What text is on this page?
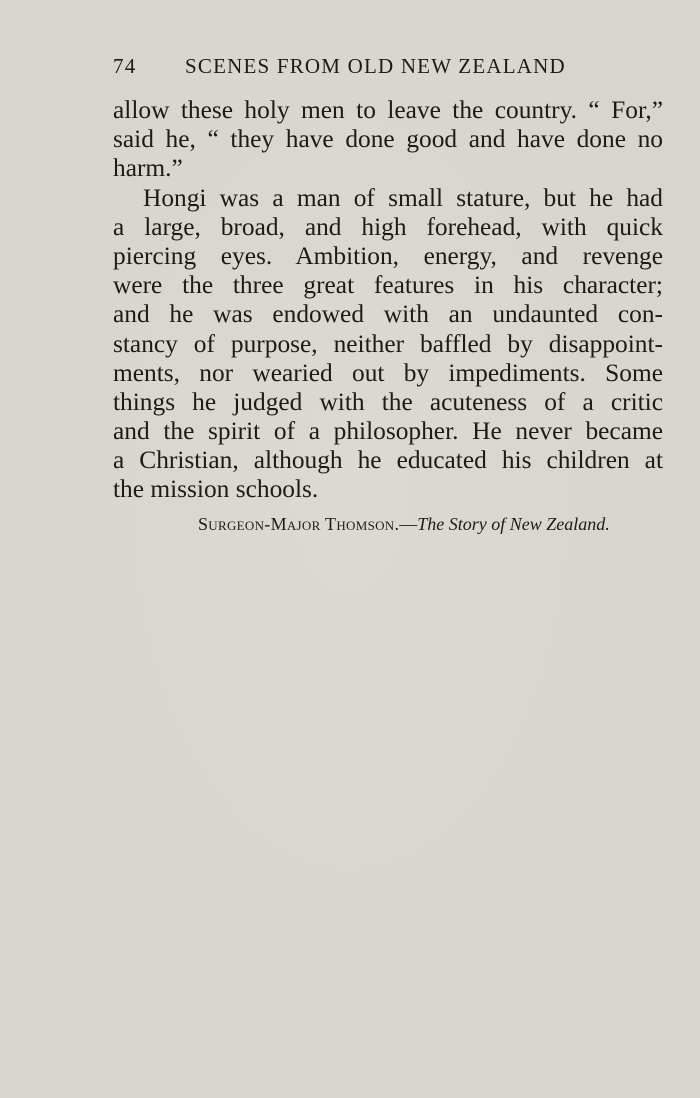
74 SCENES FROM OLD NEW ZEALAND
allow these holy men to leave the country. “ For,”
said he, “ they have done good and have done no
harm.”
Hongi was a man of small stature, but he had
a large, broad, and high forehead, with quick
piercing eyes. Ambition, energy, and revenge
were the three great features in his character;
and he was endowed with an undaunted con-
stancy of purpose, neither baffled by disappoint-
ments, nor wearied out by impediments. Some
things he judged with the acuteness of a critic
and the spirit of a philosopher. He never became
a Christian, although he educated his children at
the mission schools.
Surgeon-Major Thomson.—The Story of New Zealand.
